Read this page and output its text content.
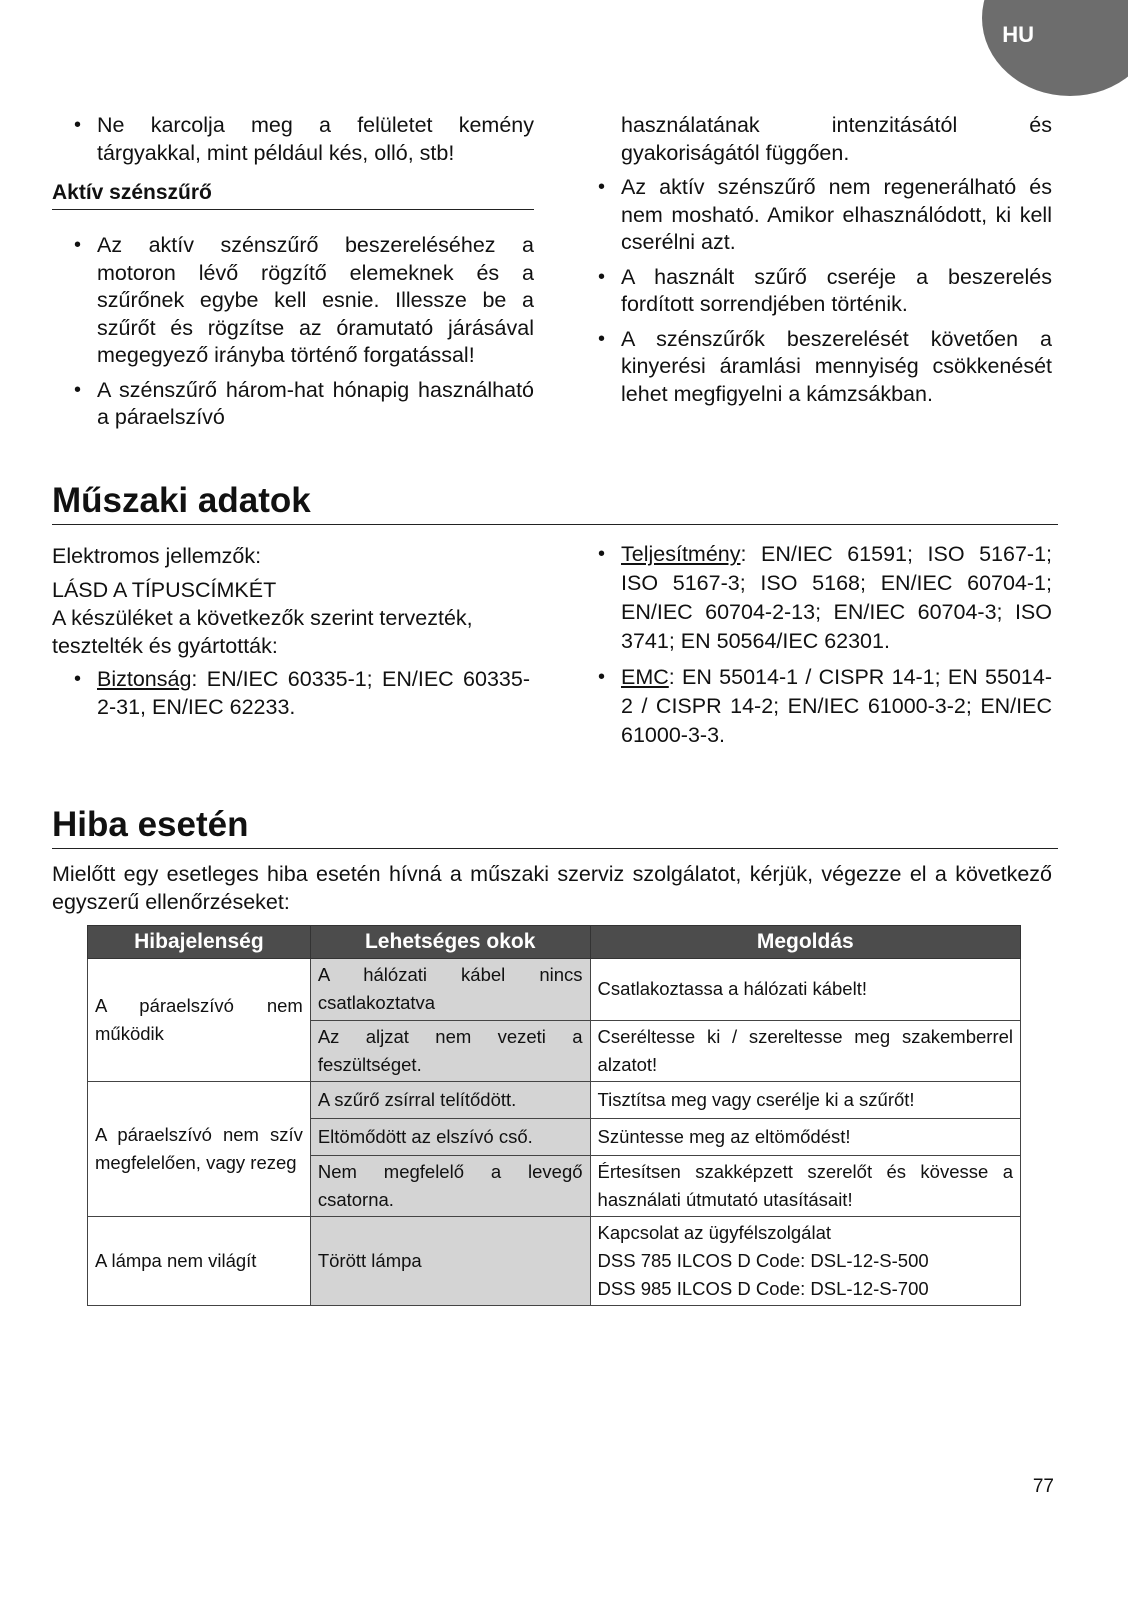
HU
• Ne karcolja meg a felületet kemény tárgyakkal, mint például kés, olló, stb!
Aktív szénszűrő
• Az aktív szénszűrő beszereléséhez a motoron lévő rögzítő elemeknek és a szűrőnek egybe kell esnie. Illessze be a szűrőt és rögzítse az óramutató járásával megegyező irányba történő forgatással!
• A szénszűrő három-hat hónapig használható a páraelszívó
használatának intenzitásától és gyakoriságától függően.
• Az aktív szénszűrő nem regenerálható és nem mosható. Amikor elhasználódott, ki kell cserélni azt.
• A használt szűrő cseréje a beszerelés fordított sorrendjében történik.
• A szénszűrők beszerelését követően a kinyerési áramlási mennyiség csökkenését lehet megfigyelni a kámzsákban.
Műszaki adatok

Elektromos jellemzők:

LÁSD A TÍPUSCÍMKÉT

A készüléket a következők szerint tervezték, tesztelték és gyártották:

• Biztonság: EN/IEC 60335-1; EN/IEC 60335-2-31, EN/IEC 62233.
• Teljesítmény: EN/IEC 61591; ISO 5167-1; ISO 5167-3; ISO 5168; EN/IEC 60704-1; EN/IEC 60704-2-13; EN/IEC 60704-3; ISO 3741; EN 50564/IEC 62301.
• EMC: EN 55014-1 / CISPR 14-1; EN 55014-2 / CISPR 14-2; EN/IEC 61000-3-2; EN/IEC 61000-3-3.
Hiba esetén

Mielőtt egy esetleges hiba esetén hívná a műszaki szerviz szolgálatot, kérjük, végezze el a következő egyszerű ellenőrzéseket:

Hibajelenség	Lehetséges okok	Megoldás
A páraelszívó nem működik	A hálózati kábel nincs csatlakoztatva	Csatlakoztassa a hálózati kábelt!
	Az aljzat nem vezeti a feszültséget.	Cseréltesse ki / szereltesse meg szakemberrel alzatot!
A páraelszívó nem szív megfelelően, vagy rezeg	A szűrő zsírral telítődött.	Tisztítsa meg vagy cserélje ki a szűrőt!
	Eltömődött az elszívó cső.	Szüntesse meg az eltömődést!
	Nem megfelelő a levegő csatorna.	Értesítsen szakképzett szerelőt és kövesse a használati útmutató utasításait!
A lámpa nem világít	Törött lámpa	Kapcsolat az ügyfélszolgálat
DSS 785 ILCOS D Code: DSL-12-S-500
DSS 985 ILCOS D Code: DSL-12-S-700
77
